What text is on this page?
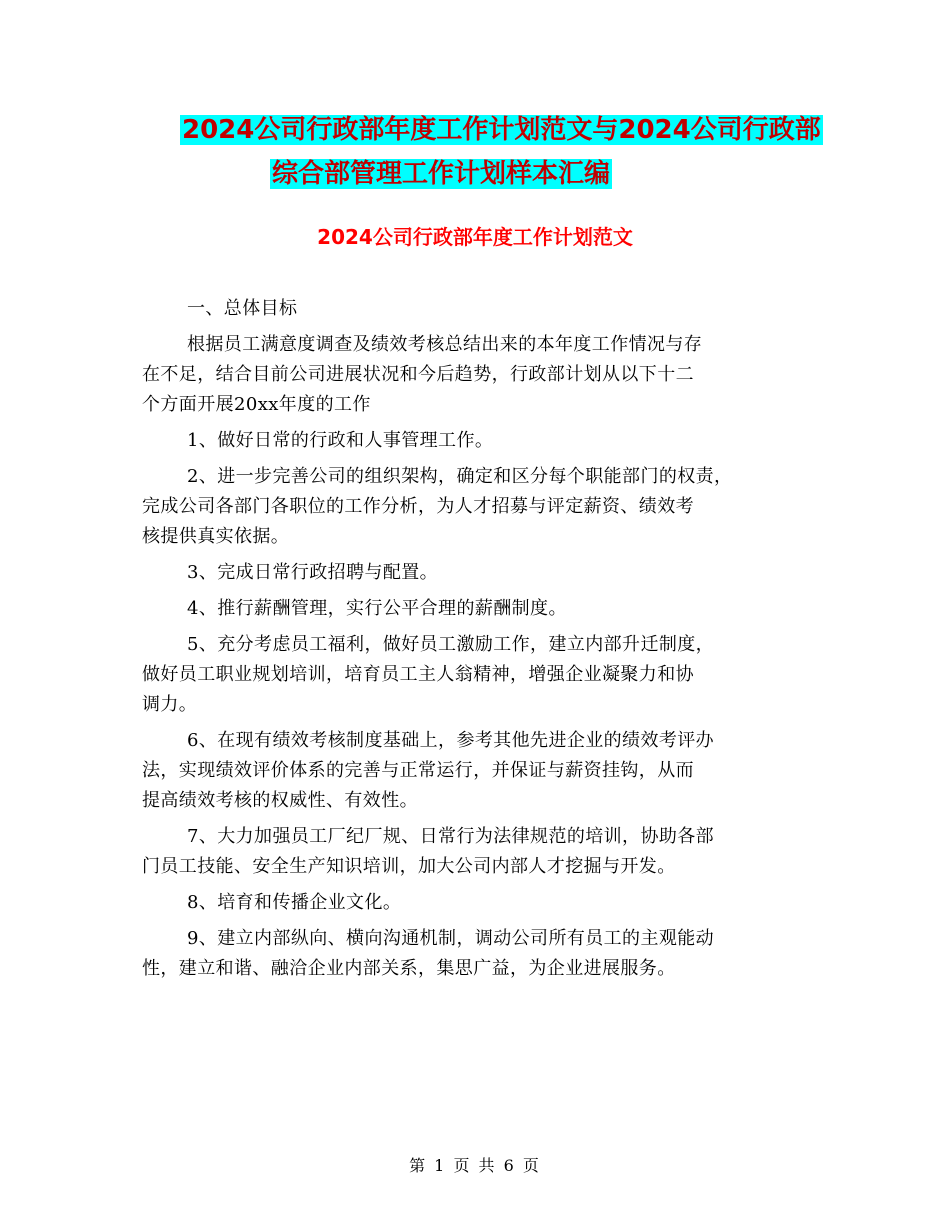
2024公司行政部年度工作计划范文与2024公司行政部
综合部管理工作计划样本汇编
2024公司行政部年度工作计划范文

一、总体目标

根据员工满意度调查及绩效考核总结出来的本年度工作情况与存
在不足，结合目前公司进展状况和今后趋势，行政部计划从以下十二
个方面开展20xx年度的工作

1、做好日常的行政和人事管理工作。

2、进一步完善公司的组织架构，确定和区分每个职能部门的权责，
完成公司各部门各职位的工作分析，为人才招募与评定薪资、绩效考
核提供真实依据。

3、完成日常行政招聘与配置。

4、推行薪酬管理，实行公平合理的薪酬制度。

5、充分考虑员工福利，做好员工激励工作，建立内部升迁制度，
做好员工职业规划培训，培育员工主人翁精神，增强企业凝聚力和协
调力。

6、在现有绩效考核制度基础上，参考其他先进企业的绩效考评办
法，实现绩效评价体系的完善与正常运行，并保证与薪资挂钩，从而
提高绩效考核的权威性、有效性。

7、大力加强员工厂纪厂规、日常行为法律规范的培训，协助各部
门员工技能、安全生产知识培训，加大公司内部人才挖掘与开发。

8、培育和传播企业文化。

9、建立内部纵向、横向沟通机制，调动公司所有员工的主观能动
性，建立和谐、融洽企业内部关系，集思广益，为企业进展服务。

第 1 页 共 6 页
